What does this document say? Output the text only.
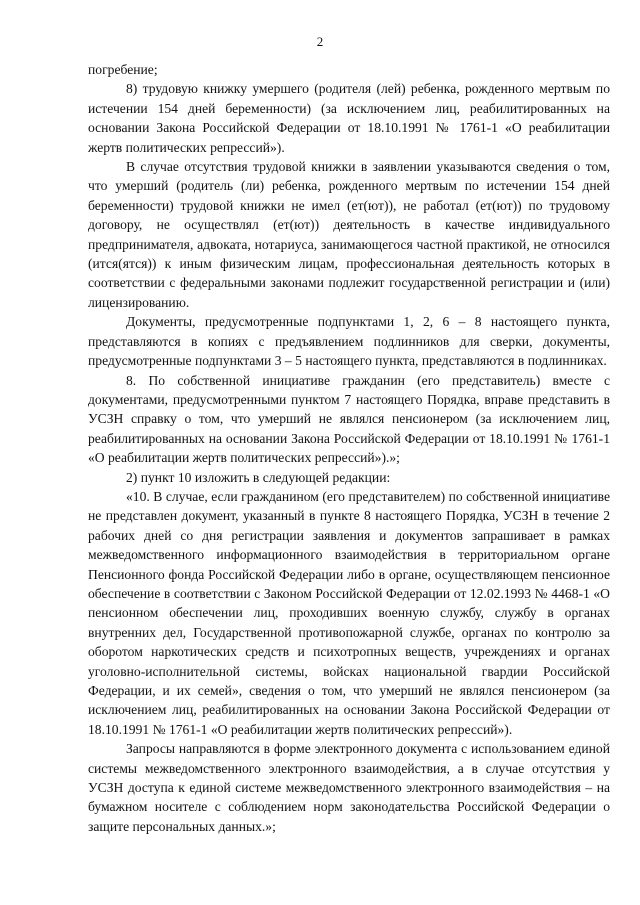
2

погребение;

8) трудовую книжку умершего (родителя (лей) ребенка, рожденного мертвым по истечении 154 дней беременности) (за исключением лиц, реабилитированных на основании Закона Российской Федерации от 18.10.1991 № 1761-1 «О реабилитации жертв политических репрессий»).

В случае отсутствия трудовой книжки в заявлении указываются сведения о том, что умерший (родитель (ли) ребенка, рожденного мертвым по истечении 154 дней беременности) трудовой книжки не имел (ет(ют)), не работал (ет(ют)) по трудовому договору, не осуществлял (ет(ют)) деятельность в качестве индивидуального предпринимателя, адвоката, нотариуса, занимающегося частной практикой, не относился (ится(ятся)) к иным физическим лицам, профессиональная деятельность которых в соответствии с федеральными законами подлежит государственной регистрации и (или) лицензированию.

Документы, предусмотренные подпунктами 1, 2, 6 – 8 настоящего пункта, представляются в копиях с предъявлением подлинников для сверки, документы, предусмотренные подпунктами 3 – 5 настоящего пункта, представляются в подлинниках.

8. По собственной инициативе гражданин (его представитель) вместе с документами, предусмотренными пунктом 7 настоящего Порядка, вправе представить в УСЗН справку о том, что умерший не являлся пенсионером (за исключением лиц, реабилитированных на основании Закона Российской Федерации от 18.10.1991 № 1761-1 «О реабилитации жертв политических репрессий»).»;

2) пункт 10 изложить в следующей редакции:

«10. В случае, если гражданином (его представителем) по собственной инициативе не представлен документ, указанный в пункте 8 настоящего Порядка, УСЗН в течение 2 рабочих дней со дня регистрации заявления и документов запрашивает в рамках межведомственного информационного взаимодействия в территориальном органе Пенсионного фонда Российской Федерации либо в органе, осуществляющем пенсионное обеспечение в соответствии с Законом Российской Федерации от 12.02.1993 № 4468-1 «О пенсионном обеспечении лиц, проходивших военную службу, службу в органах внутренних дел, Государственной противопожарной службе, органах по контролю за оборотом наркотических средств и психотропных веществ, учреждениях и органах уголовно-исполнительной системы, войсках национальной гвардии Российской Федерации, и их семей», сведения о том, что умерший не являлся пенсионером (за исключением лиц, реабилитированных на основании Закона Российской Федерации от 18.10.1991 № 1761-1 «О реабилитации жертв политических репрессий»).

Запросы направляются в форме электронного документа с использованием единой системы межведомственного электронного взаимодействия, а в случае отсутствия у УСЗН доступа к единой системе межведомственного электронного взаимодействия – на бумажном носителе с соблюдением норм законодательства Российской Федерации о защите персональных данных.»;
